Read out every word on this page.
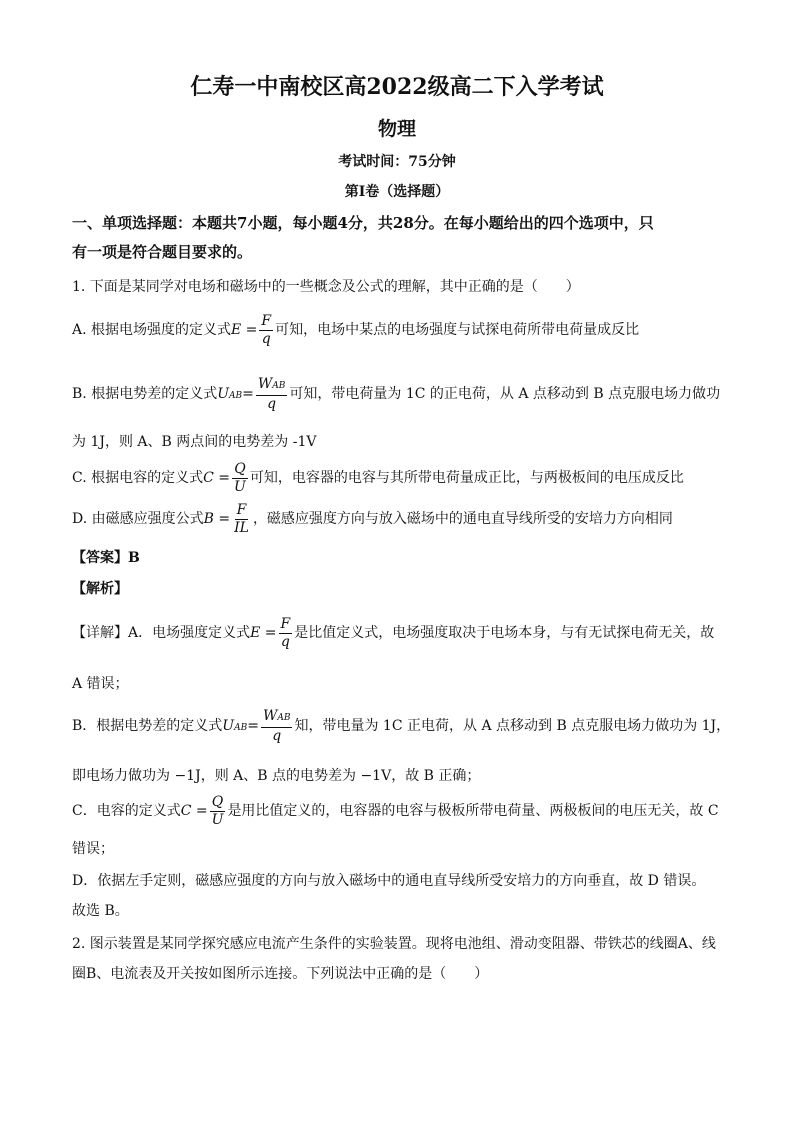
仁寿一中南校区高2022级高二下入学考试
物理
考试时间：75分钟
第Ⅰ卷（选择题）
一、单项选择题：本题共7小题，每小题4分，共28分。在每小题给出的四个选项中，只
有一项是符合题目要求的。
1. 下面是某同学对电场和磁场中的一些概念及公式的理解，其中正确的是（　　）
A. 根据电场强度的定义式$E = \frac{F}{q}$ 可知，电场中某点的电场强度与试探电荷所带电荷量成反比
B. 根据电势差的定义式$UAB= \frac{\text{WAB}}{q}$ 可知，带电荷量为 1C 的正电荷，从 A 点移动到 B 点克服电场力做功
为 1J，则 A、B 两点间的电势差为 -1V
C. 根据电容的定义式$C = \frac{Q}{U}$ 可知，电容器的电容与其所带电荷量成正比，与两极板间的电压成反比
D. 由磁感应强度公式$B = \frac{F}{IL}$ ，磁感应强度方向与放入磁场中的通电直导线所受的安培力方向相同
【答案】B
【解析】
【详解】A．电场强度定义式$E = \frac{F}{q}$ 是比值定义式，电场强度取决于电场本身，与有无试探电荷无关，故
A 错误；
B．根据电势差的定义式$UAB= \frac{\text{WAB}}{q}$ 知，带电量为 1C 正电荷，从 A 点移动到 B 点克服电场力做功为 1J，
即电场力做功为 −1J，则 A、B 点的电势差为 −1V，故 B 正确；
C．电容的定义式$C = \frac{Q}{U}$ 是用比值定义的，电容器的电容与极板所带电荷量、两极板间的电压无关，故 C
错误；
D．依据左手定则，磁感应强度的方向与放入磁场中的通电直导线所受安培力的方向垂直，故 D 错误。
故选 B。
2. 图示装置是某同学探究感应电流产生条件的实验装置。现将电池组、滑动变阻器、带铁芯的线圈A、线
圈B、电流表及开关按如图所示连接。下列说法中正确的是（　　）
